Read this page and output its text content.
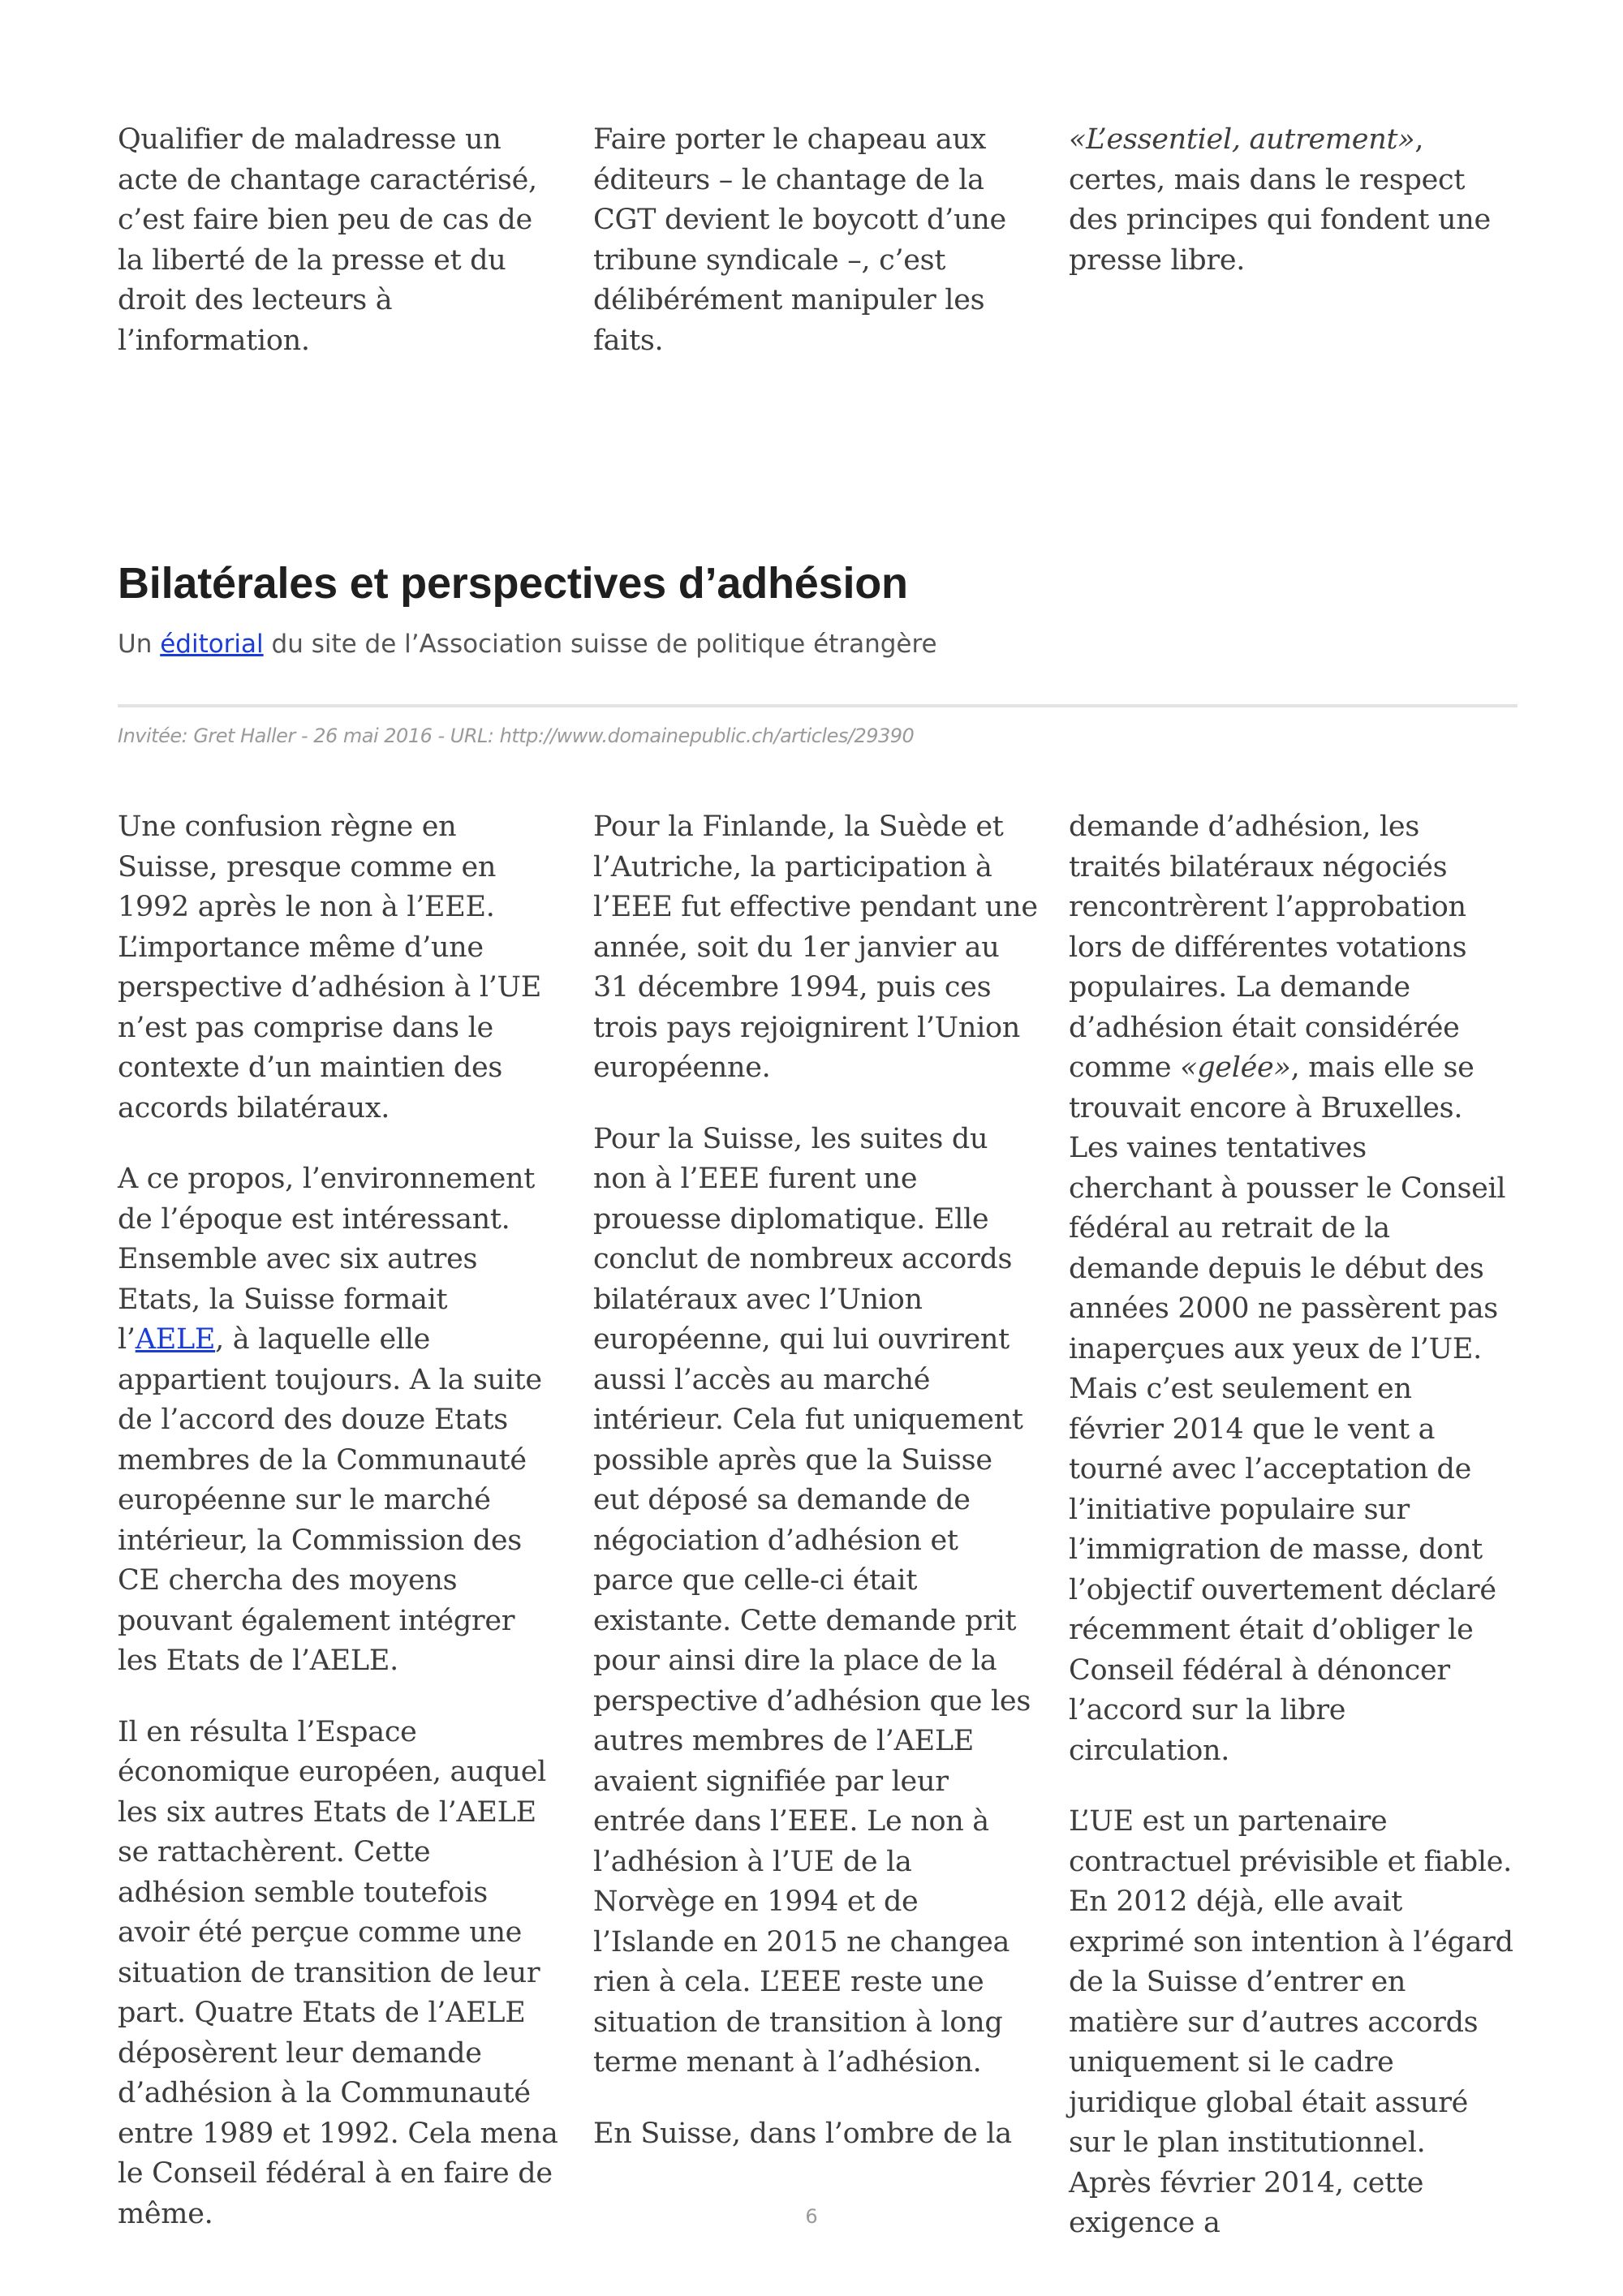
Qualifier de maladresse un acte de chantage caractérisé, c’est faire bien peu de cas de la liberté de la presse et du droit des lecteurs à l’information.

Faire porter le chapeau aux éditeurs – le chantage de la CGT devient le boycott d’une tribune syndicale –, c’est délibérément manipuler les faits.

«L’essentiel, autrement», certes, mais dans le respect des principes qui fondent une presse libre.

Bilatérales et perspectives d’adhésion

Un éditorial du site de l’Association suisse de politique étrangère

Invitée: Gret Haller - 26 mai 2016 - URL: http://www.domainepublic.ch/articles/29390

Une confusion règne en Suisse, presque comme en 1992 après le non à l’EEE. L’importance même d’une perspective d’adhésion à l’UE n’est pas comprise dans le contexte d’un maintien des accords bilatéraux.

A ce propos, l’environnement de l’époque est intéressant. Ensemble avec six autres Etats, la Suisse formait l’AELE, à laquelle elle appartient toujours. A la suite de l’accord des douze Etats membres de la Communauté européenne sur le marché intérieur, la Commission des CE chercha des moyens pouvant également intégrer les Etats de l’AELE.

Il en résulta l’Espace économique européen, auquel les six autres Etats de l’AELE se rattachèrent. Cette adhésion semble toutefois avoir été perçue comme une situation de transition de leur part. Quatre Etats de l’AELE déposèrent leur demande d’adhésion à la Communauté entre 1989 et 1992. Cela mena le Conseil fédéral à en faire de même.

Pour la Finlande, la Suède et l’Autriche, la participation à l’EEE fut effective pendant une année, soit du 1er janvier au 31 décembre 1994, puis ces trois pays rejoignirent l’Union européenne.

Pour la Suisse, les suites du non à l’EEE furent une prouesse diplomatique. Elle conclut de nombreux accords bilatéraux avec l’Union européenne, qui lui ouvrirent aussi l’accès au marché intérieur. Cela fut uniquement possible après que la Suisse eut déposé sa demande de négociation d’adhésion et parce que celle-ci était existante. Cette demande prit pour ainsi dire la place de la perspective d’adhésion que les autres membres de l’AELE avaient signifiée par leur entrée dans l’EEE. Le non à l’adhésion à l’UE de la Norvège en 1994 et de l’Islande en 2015 ne changea rien à cela. L’EEE reste une situation de transition à long terme menant à l’adhésion.

En Suisse, dans l’ombre de la

demande d’adhésion, les traités bilatéraux négociés rencontrèrent l’approbation lors de différentes votations populaires. La demande d’adhésion était considérée comme «gelée», mais elle se trouvait encore à Bruxelles. Les vaines tentatives cherchant à pousser le Conseil fédéral au retrait de la demande depuis le début des années 2000 ne passèrent pas inaperçues aux yeux de l’UE. Mais c’est seulement en février 2014 que le vent a tourné avec l’acceptation de l’initiative populaire sur l’immigration de masse, dont l’objectif ouvertement déclaré récemment était d’obliger le Conseil fédéral à dénoncer l’accord sur la libre circulation.

L’UE est un partenaire contractuel prévisible et fiable. En 2012 déjà, elle avait exprimé son intention à l’égard de la Suisse d’entrer en matière sur d’autres accords uniquement si le cadre juridique global était assuré sur le plan institutionnel. Après février 2014, cette exigence a

6
